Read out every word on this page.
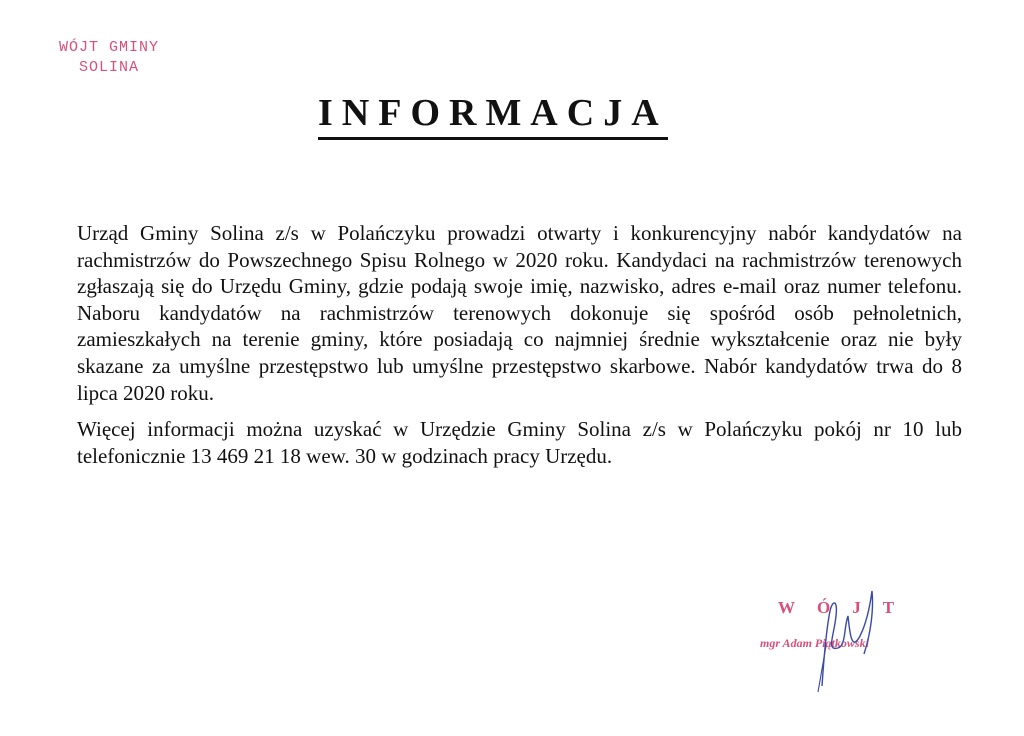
WÓJT GMINY
SOLINA
INFORMACJA

Urząd Gminy Solina z/s w Polańczyku prowadzi otwarty i konkurencyjny nabór kandydatów na rachmistrzów do Powszechnego Spisu Rolnego w 2020 roku. Kandydaci na rachmistrzów terenowych zgłaszają się do Urzędu Gminy, gdzie podają swoje imię, nazwisko, adres e-mail oraz numer telefonu. Naboru kandydatów na rachmistrzów terenowych dokonuje się spośród osób pełnoletnich, zamieszkałych na terenie gminy, które posiadają co najmniej średnie wykształcenie oraz nie były skazane za umyślne przestępstwo lub umyślne przestępstwo skarbowe. Nabór kandydatów trwa do 8 lipca 2020 roku.

Więcej informacji można uzyskać w Urzędzie Gminy Solina z/s w Polańczyku pokój nr 10 lub telefonicznie 13 469 21 18 wew. 30 w godzinach pracy Urzędu.

WÓJT
mgr Adam Piątkowski
